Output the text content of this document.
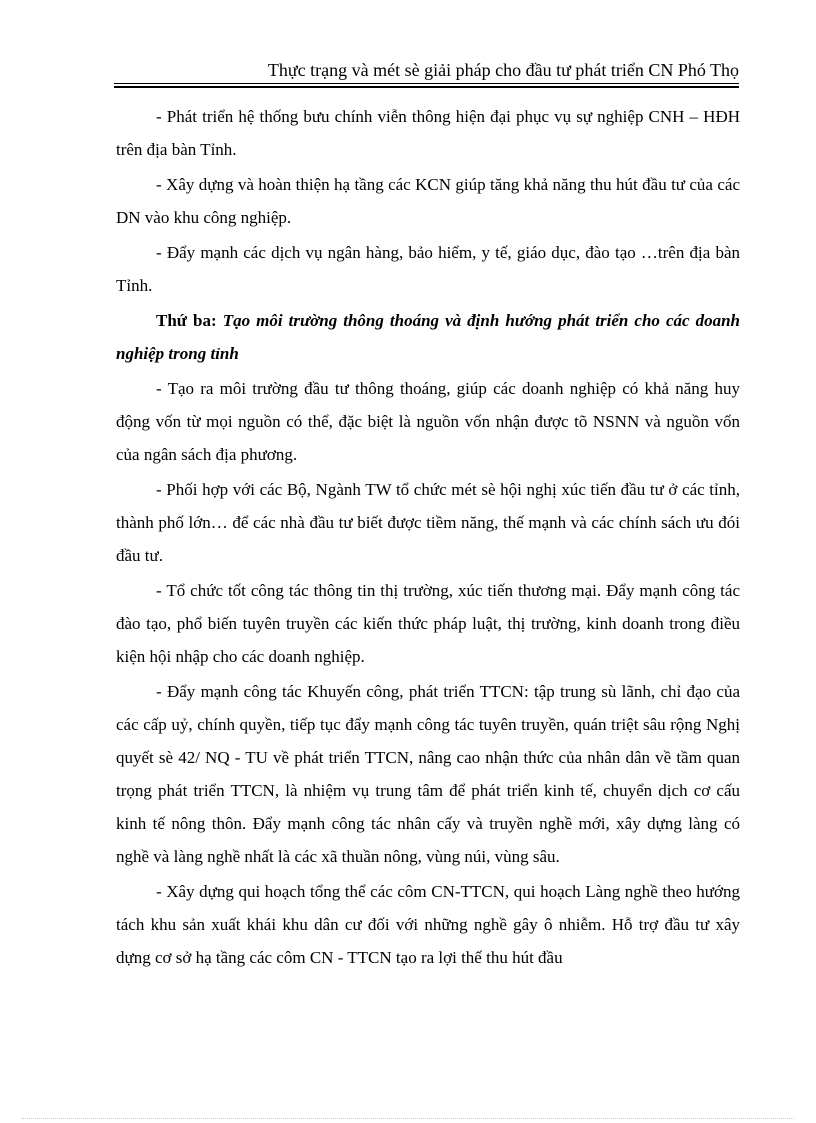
Thực trạng và mét sè giải pháp cho đầu tư phát triển CN Phó Thọ

- Phát triển hệ thống bưu chính viễn thông hiện đại phục vụ sự nghiệp CNH – HĐH trên địa bàn Tỉnh.

- Xây dựng và hoàn thiện hạ tầng các KCN giúp tăng khả năng thu hút đầu tư của các DN vào khu công nghiệp.

- Đẩy mạnh các dịch vụ ngân hàng, bảo hiểm, y tế, giáo dục, đào tạo …trên địa bàn Tỉnh.

Thứ ba: Tạo môi trường thông thoáng và định hướng phát triển cho các doanh nghiệp trong tỉnh

- Tạo ra môi trường đầu tư thông thoáng, giúp các doanh nghiệp có khả năng huy động vốn từ mọi nguồn có thể, đặc biệt là nguồn vốn nhận được tõ NSNN và nguồn vốn của ngân sách địa phương.

- Phối hợp với các Bộ, Ngành TW tổ chức mét sè hội nghị xúc tiến đầu tư ở các tỉnh, thành phố lớn… để các nhà đầu tư biết được tiềm năng, thế mạnh và các chính sách ưu đói đầu tư.

- Tổ chức tốt công tác thông tin thị trường, xúc tiến thương mại. Đẩy mạnh công tác đào tạo, phổ biến tuyên truyền các kiến thức pháp luật, thị trường, kinh doanh trong điều kiện hội nhập cho các doanh nghiệp.

- Đẩy mạnh công tác Khuyến công, phát triển TTCN: tập trung sù lãnh, chỉ đạo của các cấp uỷ, chính quyền, tiếp tục đẩy mạnh công tác tuyên truyền, quán triệt sâu rộng Nghị quyết sè 42/ NQ - TU về phát triển TTCN, nâng cao nhận thức của nhân dân về tầm quan trọng phát triển TTCN, là nhiệm vụ trung tâm để phát triển kinh tế, chuyển dịch cơ cấu kinh tế nông thôn. Đẩy mạnh công tác nhân cấy và truyền nghề mới, xây dựng làng có nghề và làng nghề nhất là các xã thuần nông, vùng núi, vùng sâu.

- Xây dựng qui hoạch tổng thể các côm CN-TTCN, qui hoạch Làng nghề theo hướng tách khu sản xuất khái khu dân cư đối với những nghề gây ô nhiễm. Hỗ trợ đầu tư xây dựng cơ sở hạ tầng các côm CN - TTCN tạo ra lợi thế thu hút đầu
